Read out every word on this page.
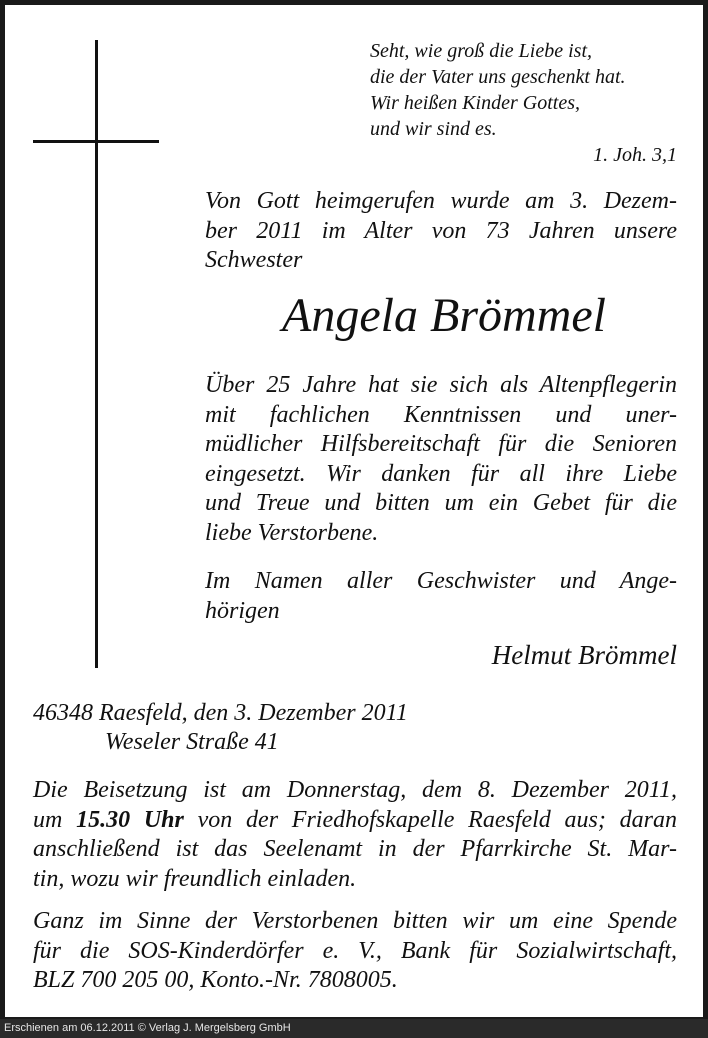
Seht, wie groß die Liebe ist,
die der Vater uns geschenkt hat.
Wir heißen Kinder Gottes,
und wir sind es.
1. Joh. 3,1
Von Gott heimgerufen wurde am 3. Dezem-
ber 2011 im Alter von 73 Jahren unsere
Schwester
Angela Brömmel
Über 25 Jahre hat sie sich als Altenpflegerin
mit fachlichen Kenntnissen und uner-
müdlicher Hilfsbereitschaft für die Senioren
eingesetzt. Wir danken für all ihre Liebe
und Treue und bitten um ein Gebet für die
liebe Verstorbene.
Im Namen aller Geschwister und Ange-
hörigen
Helmut Brömmel
46348 Raesfeld, den 3. Dezember 2011
Weseler Straße 41
Die Beisetzung ist am Donnerstag, dem 8. Dezember 2011,
um 15.30 Uhr von der Friedhofskapelle Raesfeld aus; daran
anschließend ist das Seelenamt in der Pfarrkirche St. Mar-
tin, wozu wir freundlich einladen.
Ganz im Sinne der Verstorbenen bitten wir um eine Spende
für die SOS-Kinderdörfer e. V., Bank für Sozialwirtschaft,
BLZ 700 205 00, Konto.-Nr. 7808005.
Erschienen am 06.12.2011 © Verlag J. Mergelsberg GmbH
